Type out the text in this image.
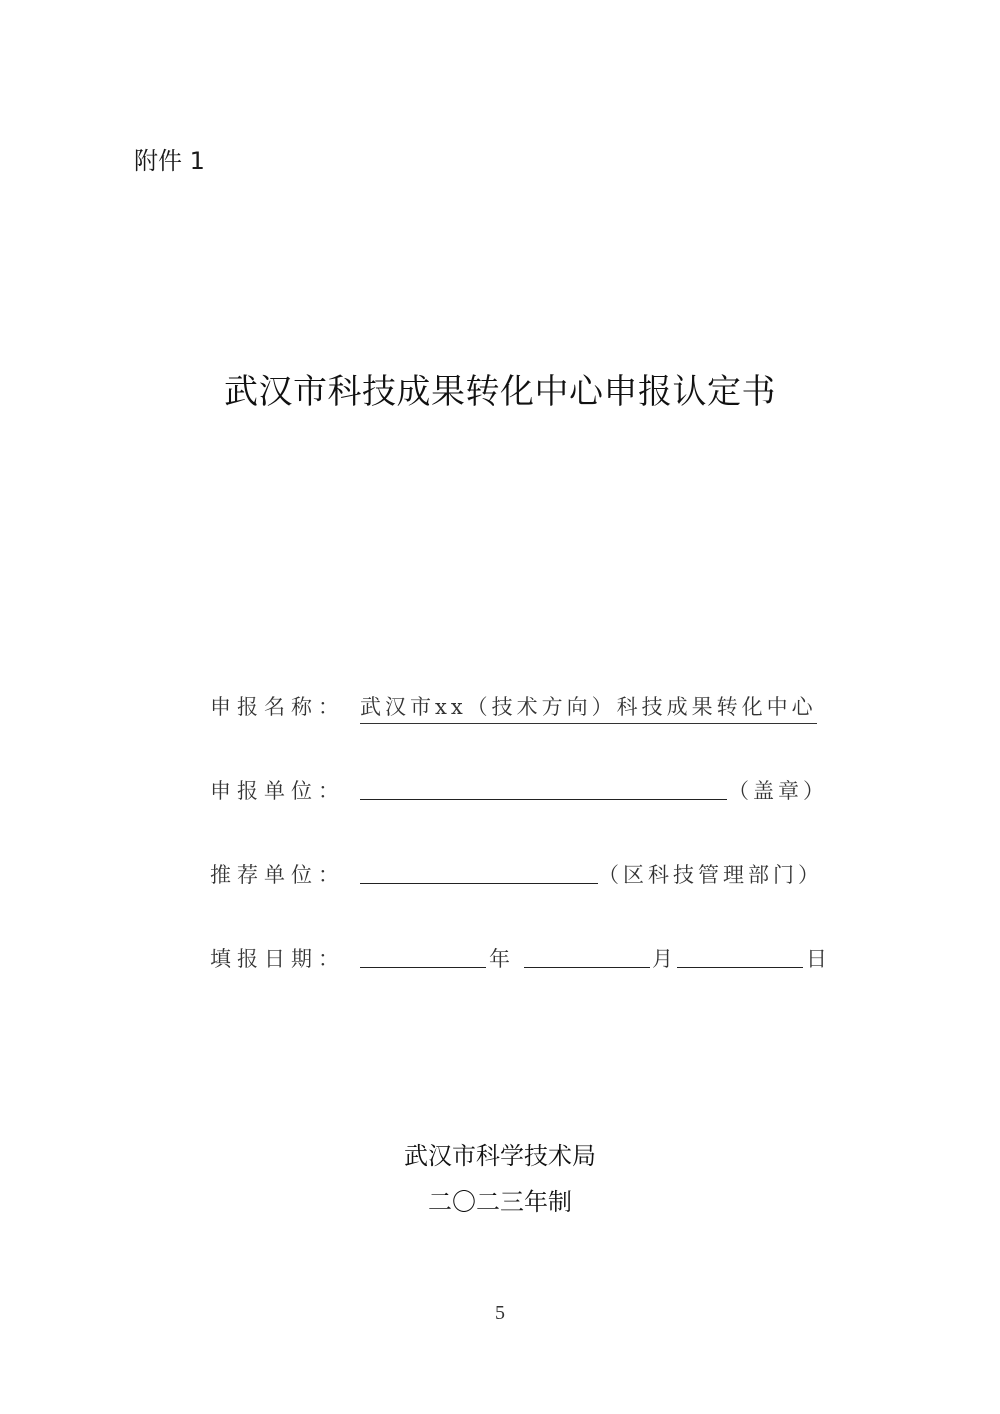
附件 1
武汉市科技成果转化中心申报认定书
申报名称： 武汉市xx（技术方向）科技成果转化中心
申报单位：	（盖章）
推荐单位：	（区科技管理部门）
填报日期：	年	月	日
武汉市科学技术局
二〇二三年制
5
